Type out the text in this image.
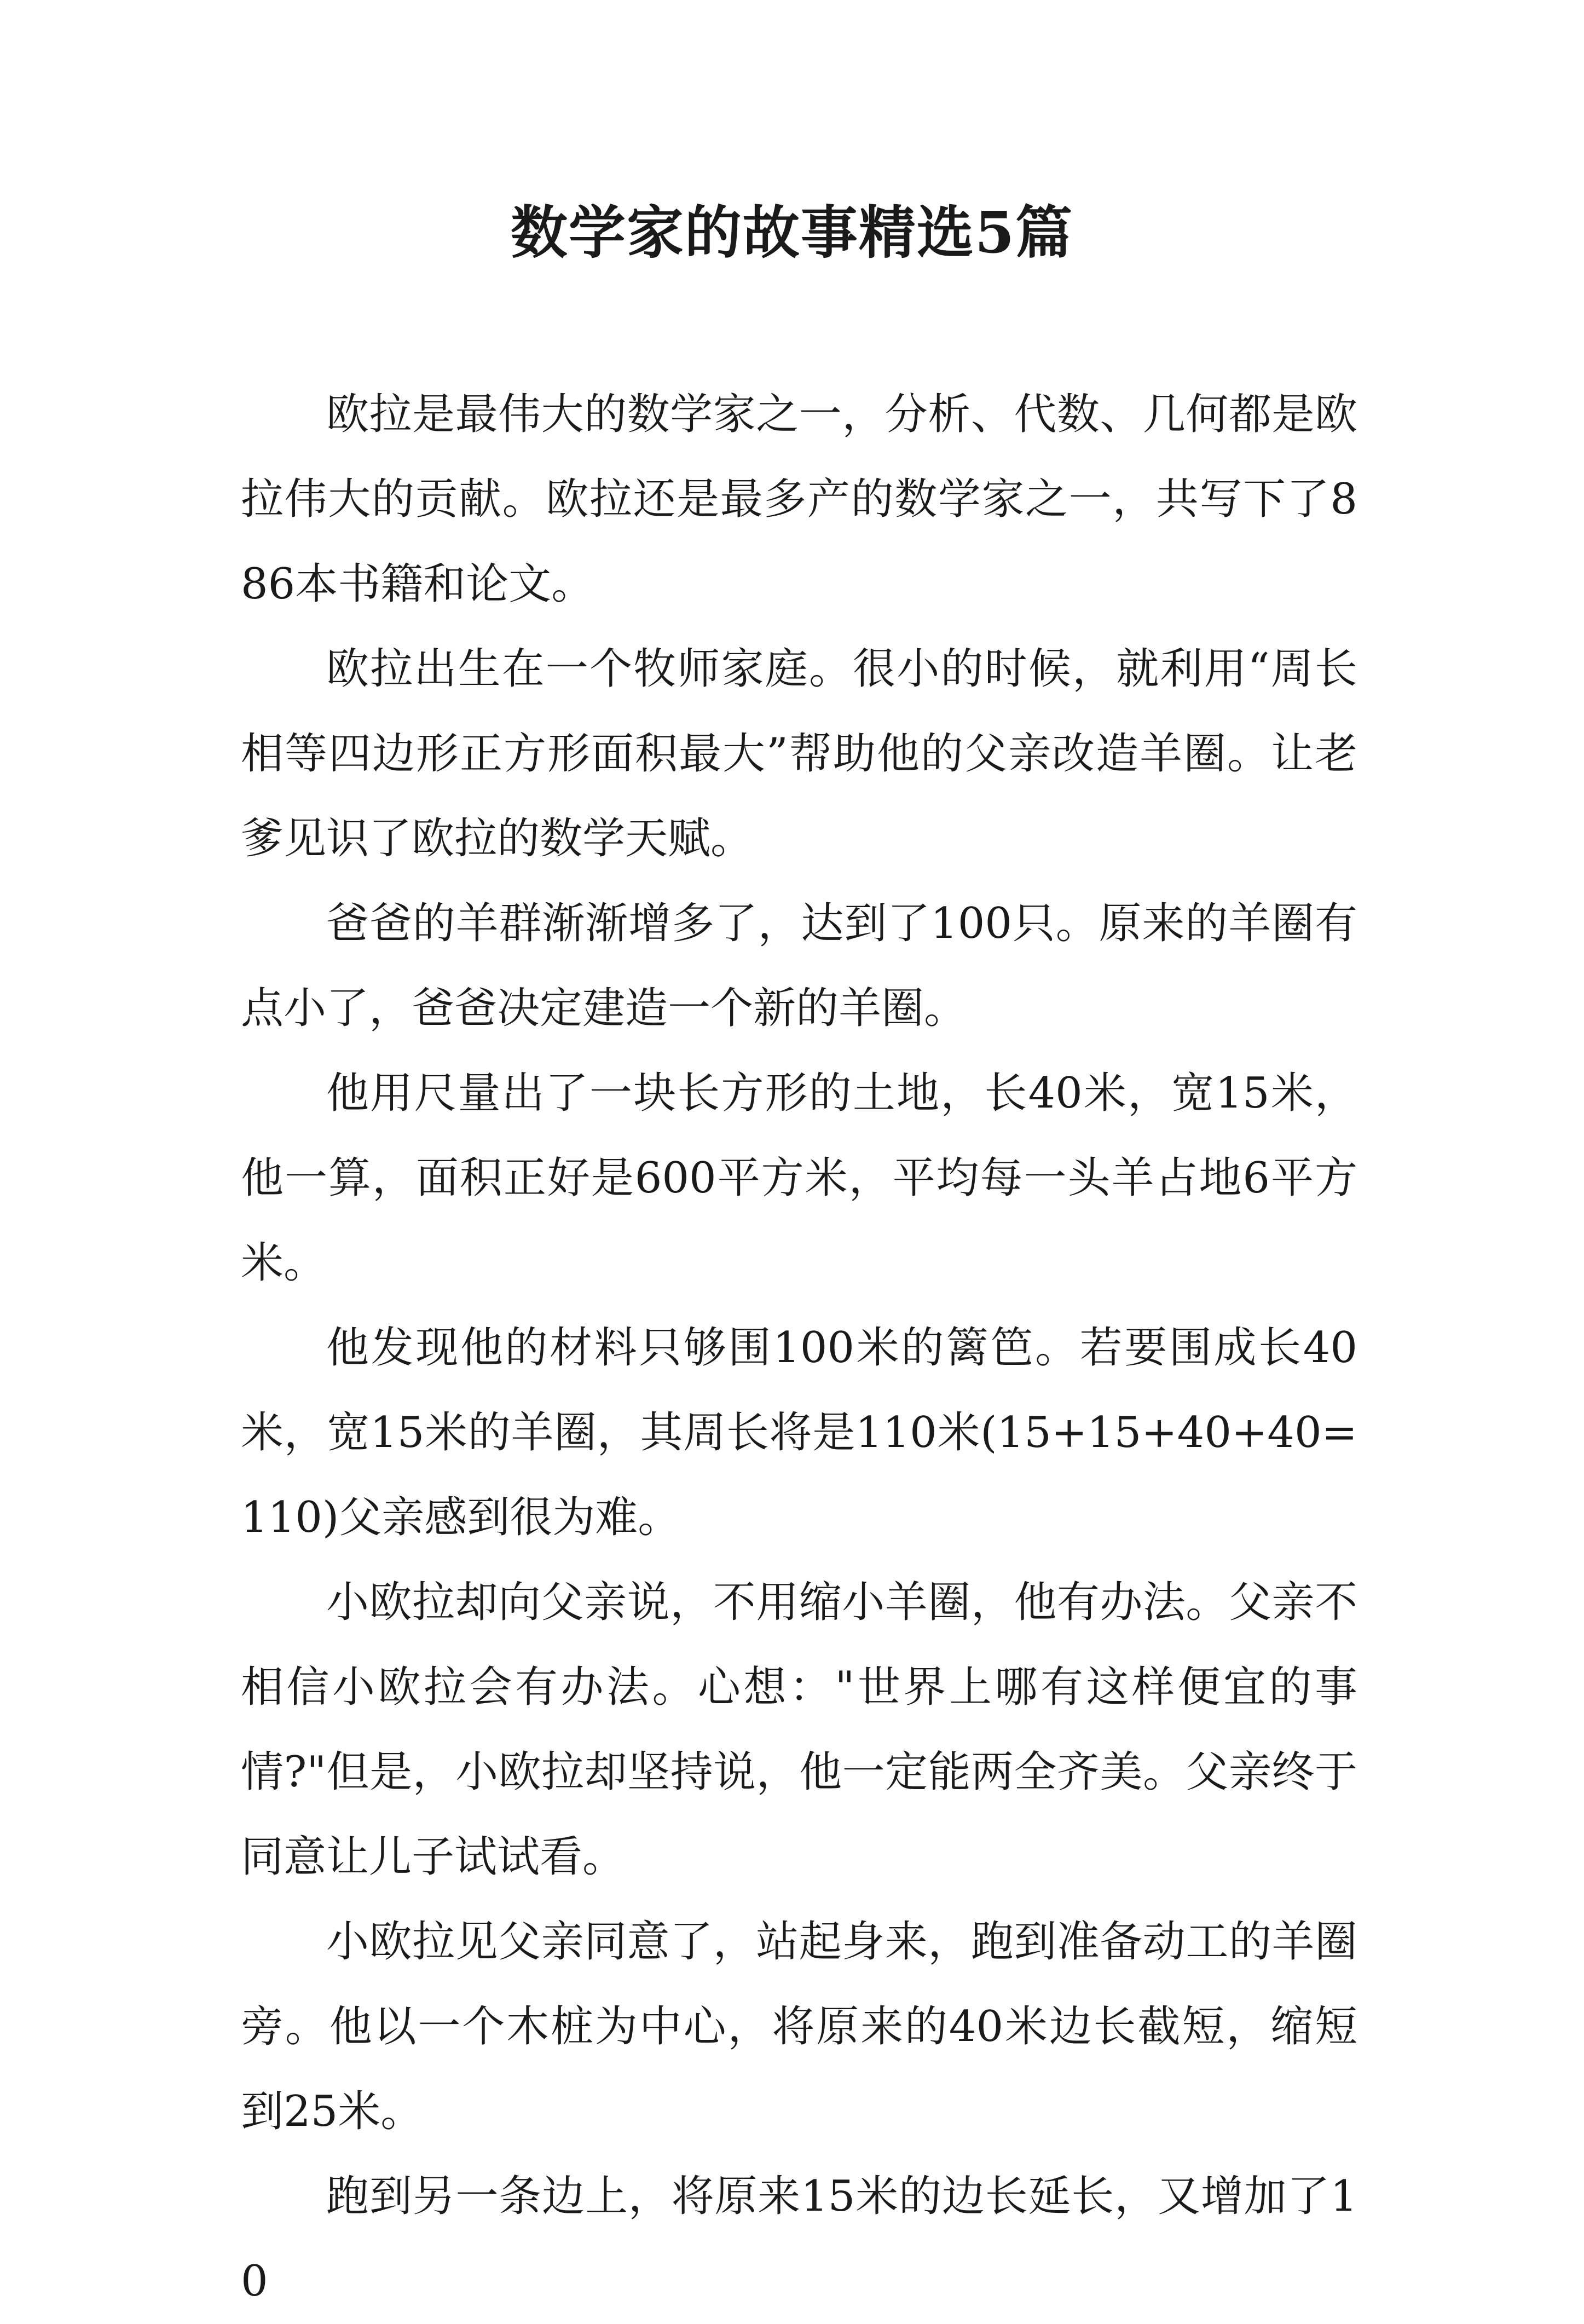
数学家的故事精选5篇

欧拉是最伟大的数学家之一，分析、代数、几何都是欧拉伟大的贡献。欧拉还是最多产的数学家之一，共写下了886本书籍和论文。

欧拉出生在一个牧师家庭。很小的时候，就利用“周长相等四边形正方形面积最大”帮助他的父亲改造羊圈。让老爹见识了欧拉的数学天赋。

爸爸的羊群渐渐增多了，达到了100只。原来的羊圈有点小了，爸爸决定建造一个新的羊圈。

他用尺量出了一块长方形的土地，长40米，宽15米，他一算，面积正好是600平方米，平均每一头羊占地6平方米。

他发现他的材料只够围100米的篱笆。若要围成长40米，宽15米的羊圈，其周长将是110米(15+15+40+40=110)父亲感到很为难。

小欧拉却向父亲说，不用缩小羊圈，他有办法。父亲不相信小欧拉会有办法。心想："世界上哪有这样便宜的事情?"但是，小欧拉却坚持说，他一定能两全齐美。父亲终于同意让儿子试试看。

小欧拉见父亲同意了，站起身来，跑到准备动工的羊圈旁。他以一个木桩为中心，将原来的40米边长截短，缩短到25米。

跑到另一条边上，将原来15米的边长延长，又增加了10
